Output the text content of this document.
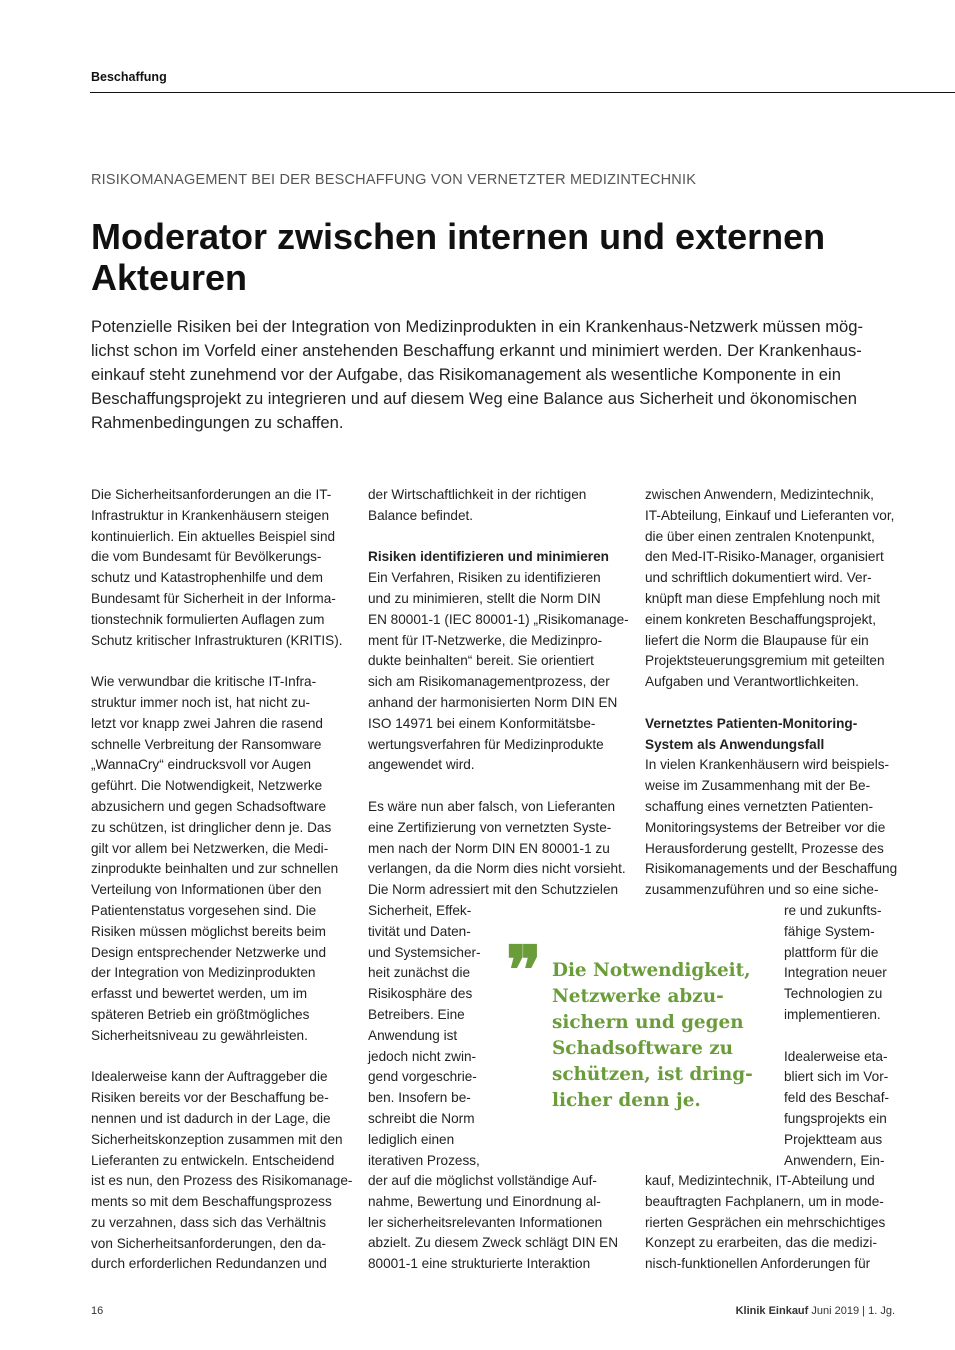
Beschaffung
RISIKOMANAGEMENT BEI DER BESCHAFFUNG VON VERNETZTER MEDIZINTECHNIK
Moderator zwischen internen und externen
Akteuren

Potenzielle Risiken bei der Integration von Medizinprodukten in ein Krankenhaus-Netzwerk müssen mög-
lichst schon im Vorfeld einer anstehenden Beschaffung erkannt und minimiert werden. Der Krankenhaus-
einkauf steht zunehmend vor der Aufgabe, das Risikomanagement als wesentliche Komponente in ein
Beschaffungsprojekt zu integrieren und auf diesem Weg eine Balance aus Sicherheit und ökonomischen
Rahmenbedingungen zu schaffen.

Die Sicherheitsanforderungen an die IT-
Infrastruktur in Krankenhäusern steigen
kontinuierlich. Ein aktuelles Beispiel sind
die vom Bundesamt für Bevölkerungs-
schutz und Katastrophenhilfe und dem
Bundesamt für Sicherheit in der Informa-
tionstechnik formulierten Auflagen zum
Schutz kritischer Infrastrukturen (KRITIS).
Wie verwundbar die kritische IT-Infra-
struktur immer noch ist, hat nicht zu-
letzt vor knapp zwei Jahren die rasend
schnelle Verbreitung der Ransomware
„WannaCry“ eindrucksvoll vor Augen
geführt. Die Notwendigkeit, Netzwerke
abzusichern und gegen Schadsoftware
zu schützen, ist dringlicher denn je. Das
gilt vor allem bei Netzwerken, die Medi-
zinprodukte beinhalten und zur schnellen
Verteilung von Informationen über den
Patientenstatus vorgesehen sind. Die
Risiken müssen möglichst bereits beim
Design entsprechender Netzwerke und
der Integration von Medizinprodukten
erfasst und bewertet werden, um im
späteren Betrieb ein größtmögliches
Sicherheitsniveau zu gewährleisten.
Idealerweise kann der Auftraggeber die
Risiken bereits vor der Beschaffung be-
nennen und ist dadurch in der Lage, die
Sicherheitskonzeption zusammen mit den
Lieferanten zu entwickeln. Entscheidend
ist es nun, den Prozess des Risikomanage-
ments so mit dem Beschaffungsprozess
zu verzahnen, dass sich das Verhältnis
von Sicherheitsanforderungen, den da-
durch erforderlichen Redundanzen und
der Wirtschaftlichkeit in der richtigen
Balance befindet.
Risiken identifizieren und minimieren
Ein Verfahren, Risiken zu identifizieren
und zu minimieren, stellt die Norm DIN
EN 80001-1 (IEC 80001-1) „Risikomanage-
ment für IT-Netzwerke, die Medizinpro-
dukte beinhalten“ bereit. Sie orientiert
sich am Risikomanagementprozess, der
anhand der harmonisierten Norm DIN EN
ISO 14971 bei einem Konformitätsbe-
wertungsverfahren für Medizinprodukte
angewendet wird.
Es wäre nun aber falsch, von Lieferanten
eine Zertifizierung von vernetzten Syste-
men nach der Norm DIN EN 80001-1 zu
verlangen, da die Norm dies nicht vorsieht.
Die Norm adressiert mit den Schutzzielen
Sicherheit, Effek-
tivität und Daten-
und Systemsicher-
heit zunächst die
Risikosphäre des
Betreibers. Eine
Anwendung ist
jedoch nicht zwin-
gend vorgeschrie-
ben. Insofern be-
schreibt die Norm
lediglich einen
iterativen Prozess,
der auf die möglichst vollständige Auf-
nahme, Bewertung und Einordnung al-
ler sicherheitsrelevanten Informationen
abzielt. Zu diesem Zweck schlägt DIN EN
80001-1 eine strukturierte Interaktion
zwischen Anwendern, Medizintechnik,
IT-Abteilung, Einkauf und Lieferanten vor,
die über einen zentralen Knotenpunkt,
den Med-IT-Risiko-Manager, organisiert
und schriftlich dokumentiert wird. Ver-
knüpft man diese Empfehlung noch mit
einem konkreten Beschaffungsprojekt,
liefert die Norm die Blaupause für ein
Projektsteuerungsgremium mit geteilten
Aufgaben und Verantwortlichkeiten.
Vernetztes Patienten-Monitoring-
System als Anwendungsfall
In vielen Krankenhäusern wird beispiels-
weise im Zusammenhang mit der Be-
schaffung eines vernetzten Patienten-
Monitoringsystems der Betreiber vor die
Herausforderung gestellt, Prozesse des
Risikomanagements und der Beschaffung
zusammenzuführen und so eine siche-
re und zukunfts-
fähige System-
plattform für die
Integration neuer
Technologien zu
implementieren.
Idealerweise eta-
bliert sich im Vor-
feld des Beschaf-
fungsprojekts ein
Projektteam aus
Anwendern, Ein-
kauf, Medizintechnik, IT-Abteilung und
beauftragten Fachplanern, um in mode-
rierten Gesprächen ein mehrschichtiges
Konzept zu erarbeiten, das die medizi-
nisch-funktionellen Anforderungen für
❞ Die Notwendigkeit,
Netzwerke abzu-
sichern und gegen
Schadsoftware zu
schützen, ist dring-
licher denn je.
16	Klinik Einkauf Juni 2019 | 1. Jg.
